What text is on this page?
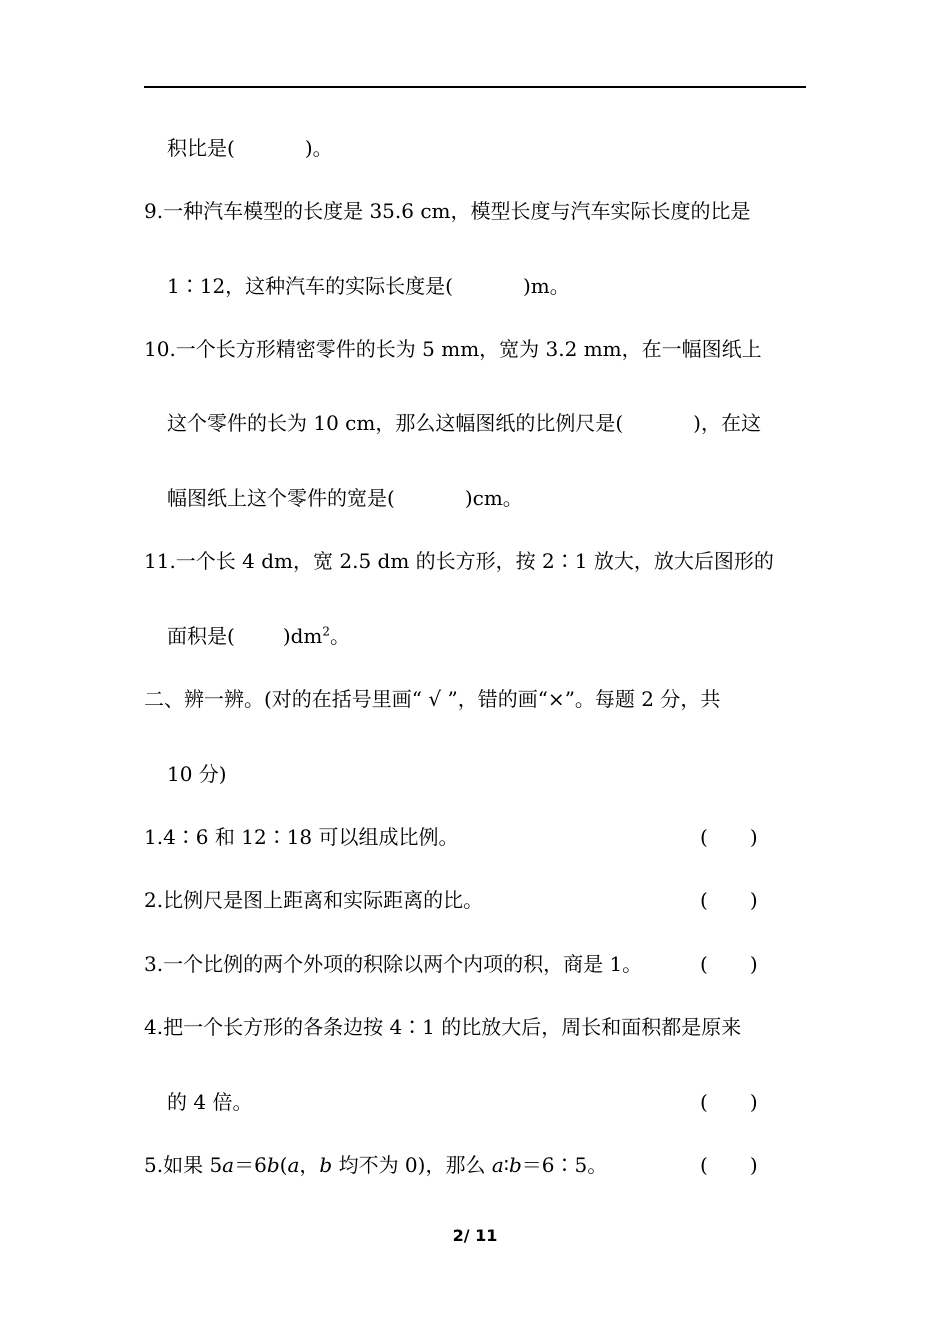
积比是(	)。
9.一种汽车模型的长度是 35.6 cm，模型长度与汽车实际长度的比是
1∶12，这种汽车的实际长度是(	)m。
10.一个长方形精密零件的长为 5 mm，宽为 3.2 mm，在一幅图纸上
这个零件的长为 10 cm，那么这幅图纸的比例尺是(	)，在这
幅图纸上这个零件的宽是(	)cm。
11.一个长 4 dm，宽 2.5 dm 的长方形，按 2∶1 放大，放大后图形的
面积是( )$dm^2$。
二、辨一辨。(对的在括号里画“ √ ”，错的画“×”。每题 2 分，共
10 分)
1.4∶6 和 12∶18 可以组成比例。	( )
2.比例尺是图上距离和实际距离的比。	( )
3.一个比例的两个外项的积除以两个内项的积，商是 1。	( )
4.把一个长方形的各条边按 4∶1 的比放大后，周长和面积都是原来
的 4 倍。	( )
5.如果 5a＝6b(a，b 均不为 0)，那么 a∶b＝6∶5。	( )
2/ 11
